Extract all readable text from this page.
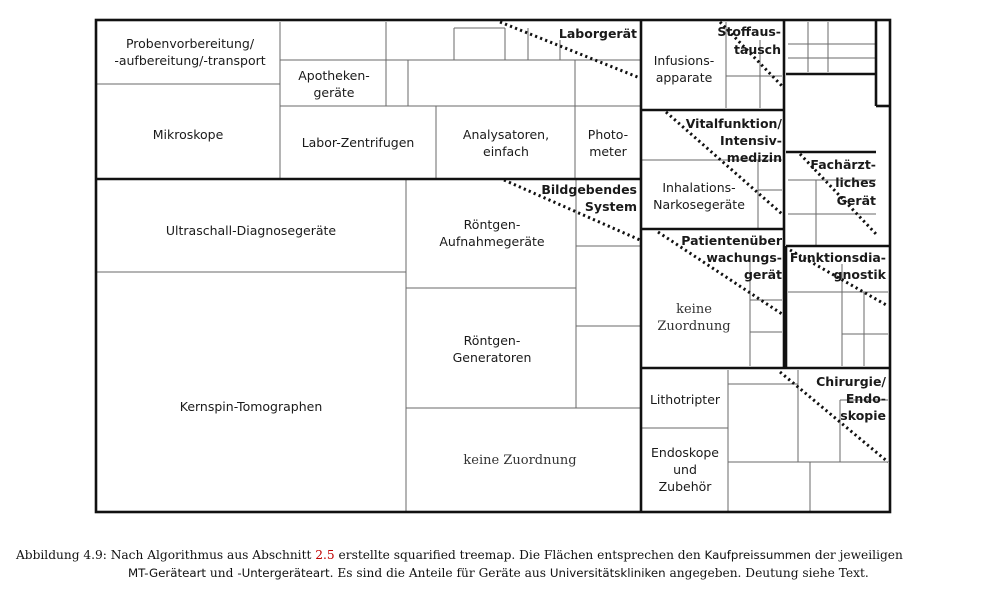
Probenvorbereitung/
-aufbereitung/-transport
Mikroskope
Apotheken-
geräte
Labor-Zentrifugen
Analysatoren,
einfach
Photo-
meter
Laborgerät
Infusions-
apparate
Stoffaus-
tausch
Vitalfunktion/
Intensiv-
medizin
Inhalations-
Narkosegeräte
Fachärzt-
liches
Gerät
Ultraschall-Diagnosegeräte
Kernspin-Tomographen
Röntgen-
Aufnahmegeräte
Röntgen-
Generatoren
keine Zuordnung
Bildgebendes
System
Patientenüber
wachungs-
gerät
keine
Zuordnung
Funktionsdia-
gnostik
Lithotripter
Endoskope
und
Zubehör
Chirurgie/
Endo-
skopie
Abbildung 4.9: Nach Algorithmus aus Abschnitt 2.5 erstellte squarified treemap. Die Flächen entsprechen den Kaufpreissummen der jeweiligen
MT-Geräteart und -Untergeräteart. Es sind die Anteile für Geräte aus Universitätskliniken angegeben. Deutung siehe Text.
